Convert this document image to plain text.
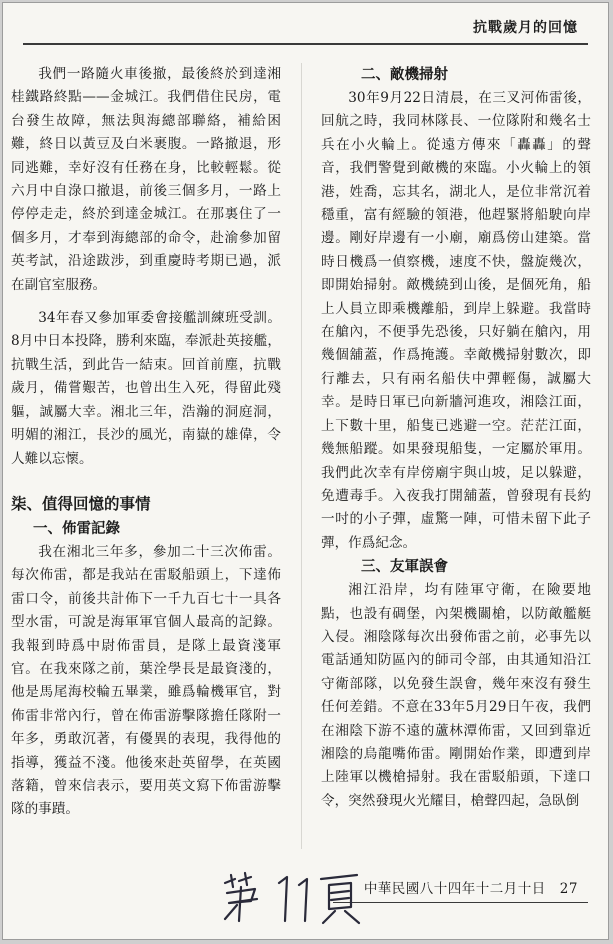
抗戰歲月的回憶

我們一路隨火車後撤，最後終於到達湘桂鐵路終點——金城江。我們借住民房，電台發生故障，無法與海總部聯絡，補給困難，終日以黃豆及白米裹腹。一路撤退，形同逃難，幸好沒有任務在身，比較輕鬆。從六月中自淥口撤退，前後三個多月，一路上停停走走，終於到達金城江。在那裏住了一個多月，才奉到海總部的命令，赴渝參加留英考試，沿途跋涉，到重慶時考期已過，派在副官室服務。

34年春又參加軍委會接艦訓練班受訓。8月中日本投降，勝利來臨，奉派赴英接艦，抗戰生活，到此告一結束。回首前塵，抗戰歲月，備嘗艱苦，也曾出生入死，得留此殘軀，誠屬大幸。湘北三年，浩瀚的洞庭洞，明媚的湘江，長沙的風光，南嶽的雄偉，令人難以忘懷。

柒、值得回憶的事情
一、佈雷記錄

我在湘北三年多，參加二十三次佈雷。每次佈雷，都是我站在雷駁船頭上，下達佈雷口令，前後共計佈下一千九百七十一具各型水雷，可說是海軍軍官個人最高的記錄。我報到時爲中尉佈雷員，是隊上最資淺軍官。在我來隊之前，葉洤學長是最資淺的，他是馬尾海校輪五畢業，雖爲輪機軍官，對佈雷非常內行，曾在佈雷游擊隊擔任隊附一年多，勇敢沉著，有優異的表現，我得他的指導，獲益不淺。他後來赴英留學，在英國落籍，曾來信表示，要用英文寫下佈雷游擊隊的事蹟。

二、敵機掃射

30年9月22日清晨，在三叉河佈雷後，回航之時，我同林隊長、一位隊附和幾名士兵在小火輪上。從遠方傳來「轟轟」的聲音，我們警覺到敵機的來臨。小火輪上的領港，姓喬，忘其名，湖北人，是位非常沉着穩重，富有經驗的領港，他趕緊將船駛向岸邊。剛好岸邊有一小廟，廟爲傍山建築。當時日機爲一偵察機，速度不快，盤旋幾次，即開始掃射。敵機繞到山後，是個死角，船上人員立即乘機離船，到岸上躲避。我當時在艙內，不便爭先恐後，只好躺在艙內，用幾個舖蓋，作爲掩護。幸敵機掃射數次，即行離去，只有兩名船伕中彈輕傷，誠屬大幸。是時日軍已向新牆河進攻，湘陰江面，上下數十里，船隻已逃避一空。茫茫江面，幾無船蹤。如果發現船隻，一定屬於軍用。我們此次幸有岸傍廟宇與山坡，足以躲避，免遭毒手。入夜我打開舖蓋，曾發現有長約一吋的小子彈，虛驚一陣，可惜未留下此子彈，作爲紀念。

三、友軍誤會

湘江沿岸，均有陸軍守衛，在險要地點，也設有碉堡，內架機關槍，以防敵艦艇入侵。湘陰隊每次出發佈雷之前，必事先以電話通知防區內的師司令部，由其通知沿江守衛部隊，以免發生誤會，幾年來沒有發生任何差錯。不意在33年5月29日午夜，我們在湘陰下游不遠的蘆林潭佈雷，又回到靠近湘陰的烏龍嘴佈雷。剛開始作業，即遭到岸上陸軍以機槍掃射。我在雷駁船頭，下達口令，突然發現火光耀目，槍聲四起，急臥倒

中華民國八十四年十二月十日　27
